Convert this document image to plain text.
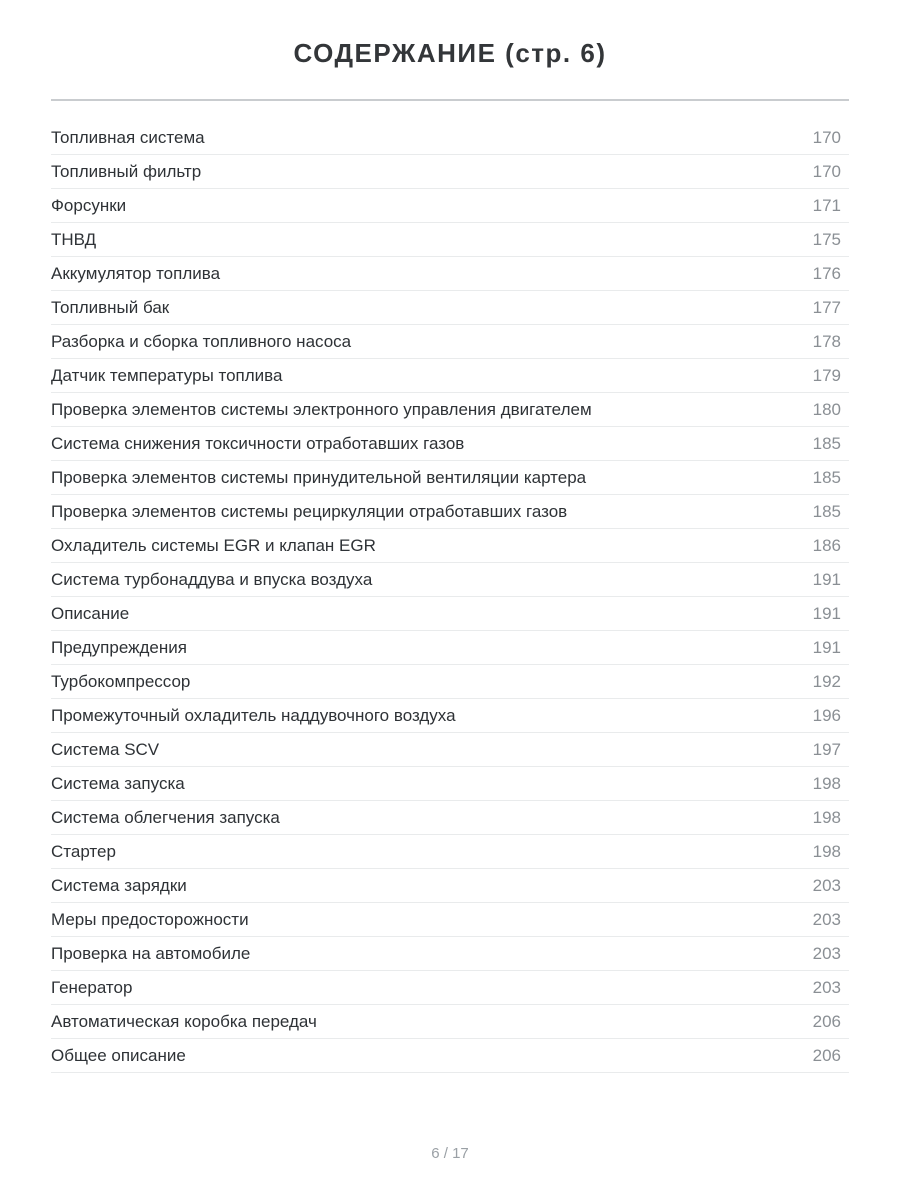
СОДЕРЖАНИЕ (стр. 6)
Топливная система	170
Топливный фильтр	170
Форсунки	171
ТНВД	175
Аккумулятор топлива	176
Топливный бак	177
Разборка и сборка топливного насоса	178
Датчик температуры топлива	179
Проверка элементов системы электронного управления двигателем	180
Система снижения токсичности отработавших газов	185
Проверка элементов системы принудительной вентиляции картера	185
Проверка элементов системы рециркуляции отработавших газов	185
Охладитель системы EGR и клапан EGR	186
Система турбонаддува и впуска воздуха	191
Описание	191
Предупреждения	191
Турбокомпрессор	192
Промежуточный охладитель наддувочного воздуха	196
Система SCV	197
Система запуска	198
Система облегчения запуска	198
Стартер	198
Система зарядки	203
Меры предосторожности	203
Проверка на автомобиле	203
Генератор	203
Автоматическая коробка передач	206
Общее описание	206
6 / 17
